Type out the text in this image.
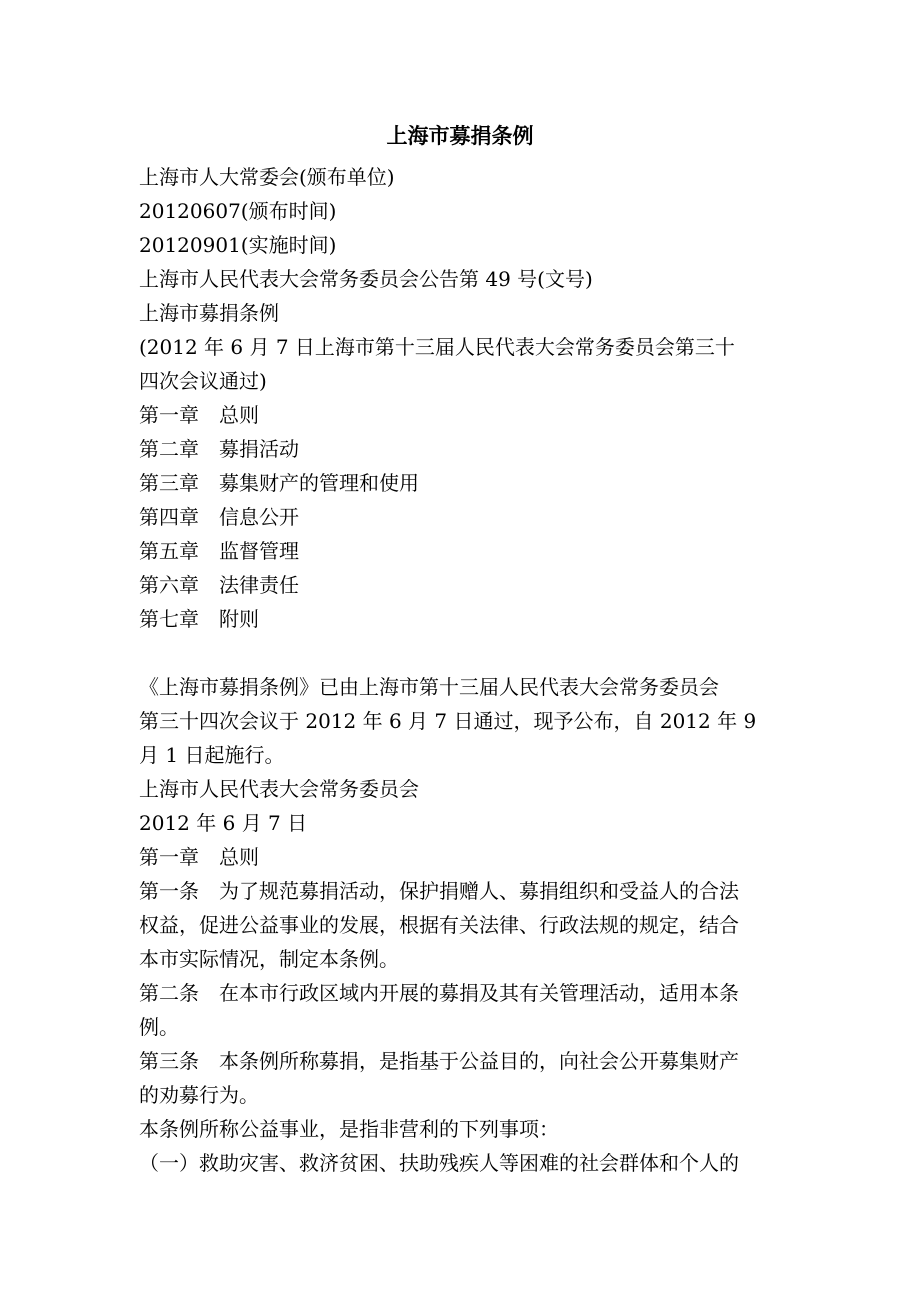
上海市募捐条例
上海市人大常委会(颁布单位)
20120607(颁布时间)
20120901(实施时间)
上海市人民代表大会常务委员会公告第 49 号(文号)
上海市募捐条例
(2012 年 6 月 7 日上海市第十三届人民代表大会常务委员会第三十
四次会议通过)
第一章　总则
第二章　募捐活动
第三章　募集财产的管理和使用
第四章　信息公开
第五章　监督管理
第六章　法律责任
第七章　附则
《上海市募捐条例》已由上海市第十三届人民代表大会常务委员会
第三十四次会议于 2012 年 6 月 7 日通过，现予公布，自 2012 年 9
月 1 日起施行。
上海市人民代表大会常务委员会
2012 年 6 月 7 日
第一章　总则
第一条　为了规范募捐活动，保护捐赠人、募捐组织和受益人的合法
权益，促进公益事业的发展，根据有关法律、行政法规的规定，结合
本市实际情况，制定本条例。
第二条　在本市行政区域内开展的募捐及其有关管理活动，适用本条
例。
第三条　本条例所称募捐，是指基于公益目的，向社会公开募集财产
的劝募行为。
本条例所称公益事业，是指非营利的下列事项：
（一）救助灾害、救济贫困、扶助残疾人等困难的社会群体和个人的
